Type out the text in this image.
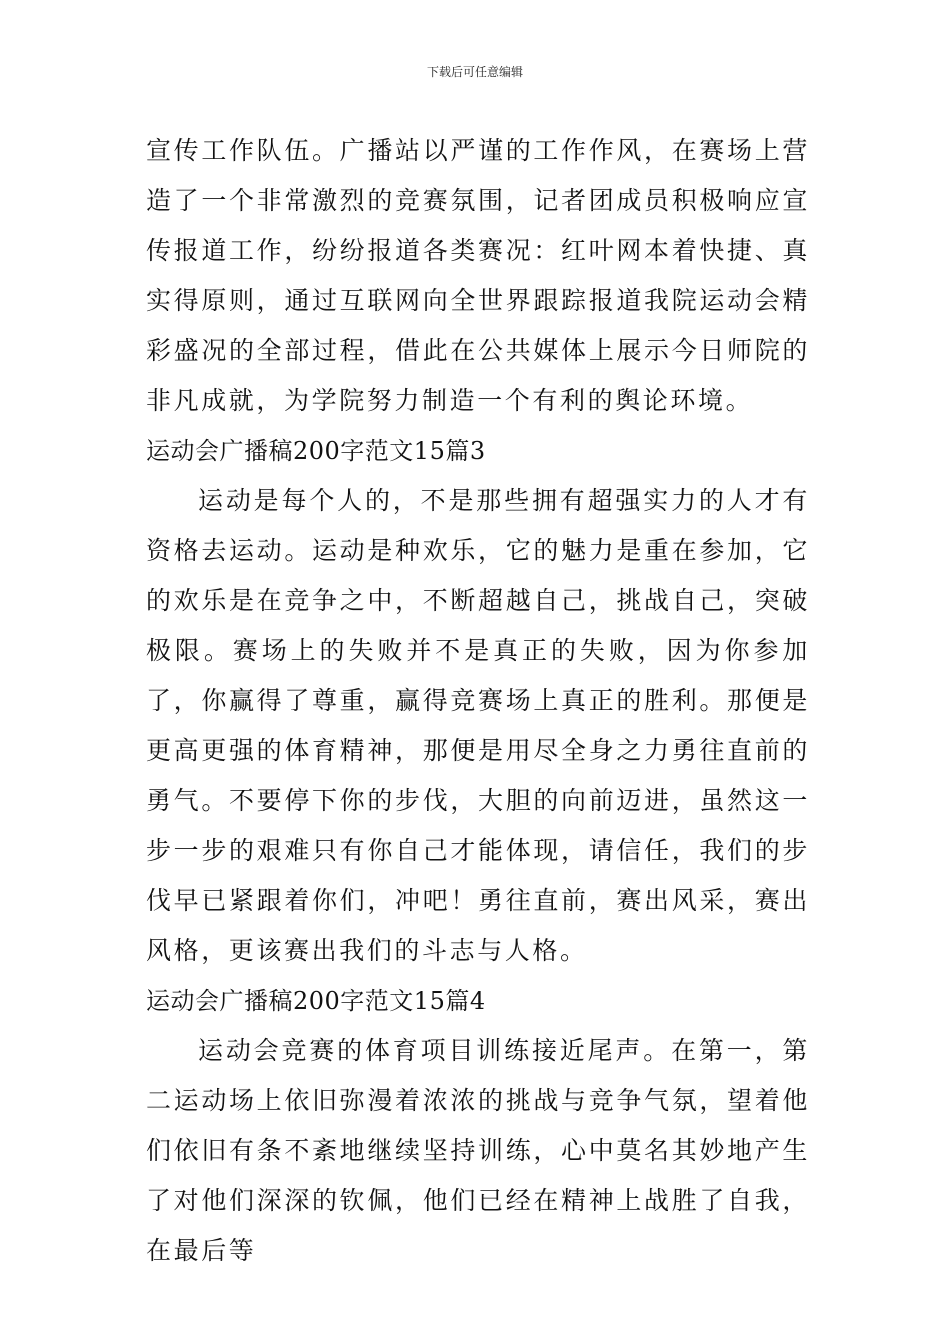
下载后可任意编辑

宣传工作队伍。广播站以严谨的工作作风，在赛场上营造了一个非常激烈的竞赛氛围，记者团成员积极响应宣传报道工作，纷纷报道各类赛况：红叶网本着快捷、真实得原则，通过互联网向全世界跟踪报道我院运动会精彩盛况的全部过程，借此在公共媒体上展示今日师院的非凡成就，为学院努力制造一个有利的舆论环境。

运动会广播稿200字范文15篇3

运动是每个人的，不是那些拥有超强实力的人才有资格去运动。运动是种欢乐，它的魅力是重在参加，它的欢乐是在竞争之中，不断超越自己，挑战自己，突破极限。赛场上的失败并不是真正的失败，因为你参加了，你赢得了尊重，赢得竞赛场上真正的胜利。那便是更高更强的体育精神，那便是用尽全身之力勇往直前的勇气。不要停下你的步伐，大胆的向前迈进，虽然这一步一步的艰难只有你自己才能体现，请信任，我们的步伐早已紧跟着你们，冲吧！勇往直前，赛出风采，赛出风格，更该赛出我们的斗志与人格。

运动会广播稿200字范文15篇4

运动会竞赛的体育项目训练接近尾声。在第一，第二运动场上依旧弥漫着浓浓的挑战与竞争气氛，望着他们依旧有条不紊地继续坚持训练，心中莫名其妙地产生了对他们深深的钦佩，他们已经在精神上战胜了自我，在最后等
